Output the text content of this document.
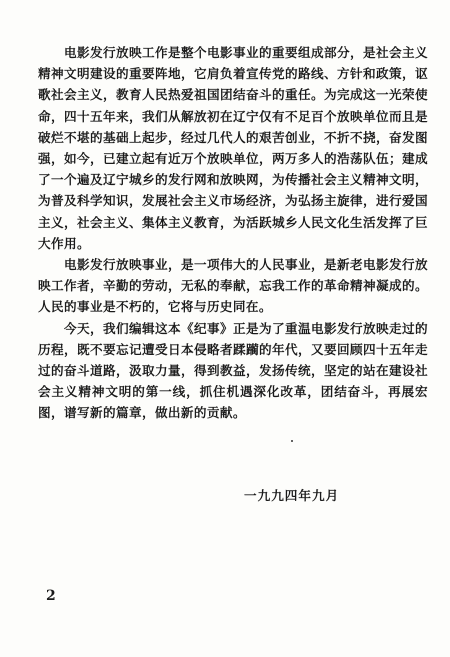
电影发行放映工作是整个电影事业的重要组成部分，是社会主义精神文明建设的重要阵地，它肩负着宣传党的路线、方针和政策，讴歌社会主义，教育人民热爱祖国团结奋斗的重任。为完成这一光荣使命，四十五年来，我们从解放初在辽宁仅有不足百个放映单位而且是破烂不堪的基础上起步，经过几代人的艰苦创业，不折不挠，奋发图强，如今，已建立起有近万个放映单位，两万多人的浩荡队伍；建成了一个遍及辽宁城乡的发行网和放映网，为传播社会主义精神文明，为普及科学知识，发展社会主义市场经济，为弘扬主旋律，进行爱国主义，社会主义、集体主义教育，为活跃城乡人民文化生活发挥了巨大作用。

电影发行放映事业，是一项伟大的人民事业，是新老电影发行放映工作者，辛勤的劳动，无私的奉献，忘我工作的革命精神凝成的。人民的事业是不朽的，它将与历史同在。

今天，我们编辑这本《纪事》正是为了重温电影发行放映走过的历程，既不要忘记遭受日本侵略者蹂躏的年代，又要回顾四十五年走过的奋斗道路，汲取力量，得到教益，发扬传统，坚定的站在建设社会主义精神文明的第一线，抓住机遇深化改革，团结奋斗，再展宏图，谱写新的篇章，做出新的贡献。

一九九四年九月
2
